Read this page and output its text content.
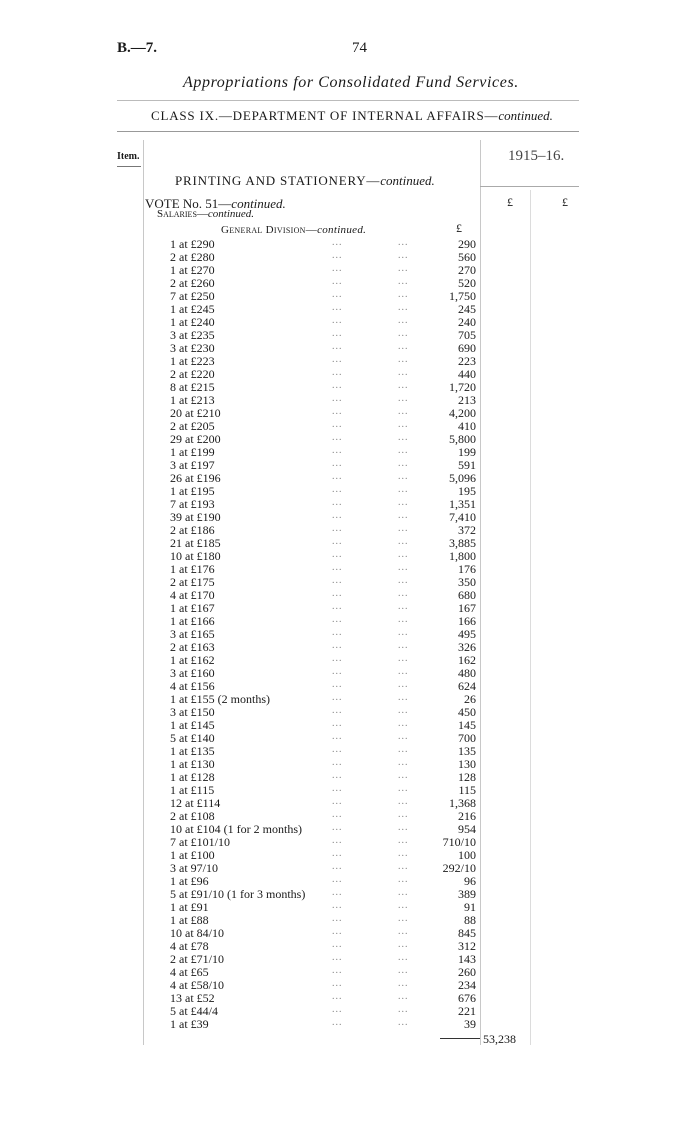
B.—7.	74
Appropriations for Consolidated Fund Services.
CLASS IX.—DEPARTMENT OF INTERNAL AFFAIRS—continued.
Item.	1915–16.
PRINTING AND STATIONERY—continued.
VOTE No. 51—continued.
Salaries—continued.
General Division—continued.	£
£	£
1 at £290	...	...	290
2 at £280	...	...	560
1 at £270	...	...	270
2 at £260	...	...	520
7 at £250	...	...	1,750
1 at £245	...	...	245
1 at £240	...	...	240
3 at £235	...	...	705
3 at £230	...	...	690
1 at £223	...	...	223
2 at £220	...	...	440
8 at £215	...	...	1,720
1 at £213	...	...	213
20 at £210	...	...	4,200
2 at £205	...	...	410
29 at £200	...	...	5,800
1 at £199	...	...	199
3 at £197	...	...	591
26 at £196	...	...	5,096
1 at £195	...	...	195
7 at £193	...	...	1,351
39 at £190	...	...	7,410
2 at £186	...	...	372
21 at £185	...	...	3,885
10 at £180	...	...	1,800
1 at £176	...	...	176
2 at £175	...	...	350
4 at £170	...	...	680
1 at £167	...	...	167
1 at £166	...	...	166
3 at £165	...	...	495
2 at £163	...	...	326
1 at £162	...	...	162
3 at £160	...	...	480
4 at £156	...	...	624
1 at £155 (2 months)	...	...	26
3 at £150	...	...	450
1 at £145	...	...	145
5 at £140	...	...	700
1 at £135	...	...	135
1 at £130	...	...	130
1 at £128	...	...	128
1 at £115	...	...	115
12 at £114	...	...	1,368
2 at £108	...	...	216
10 at £104 (1 for 2 months)	...	...	954
7 at £101/10	...	...	710/10
1 at £100	...	...	100
3 at 97/10	...	...	292/10
1 at £96	...	...	96
5 at £91/10 (1 for 3 months)	...	...	389
1 at £91	...	...	91
1 at £88	...	...	88
10 at 84/10	...	...	845
4 at £78	...	...	312
2 at £71/10	...	...	143
4 at £65	...	...	260
4 at £58/10	...	...	234
13 at £52	...	...	676
5 at £44/4	...	...	221
1 at £39	...	...	39
53,238
